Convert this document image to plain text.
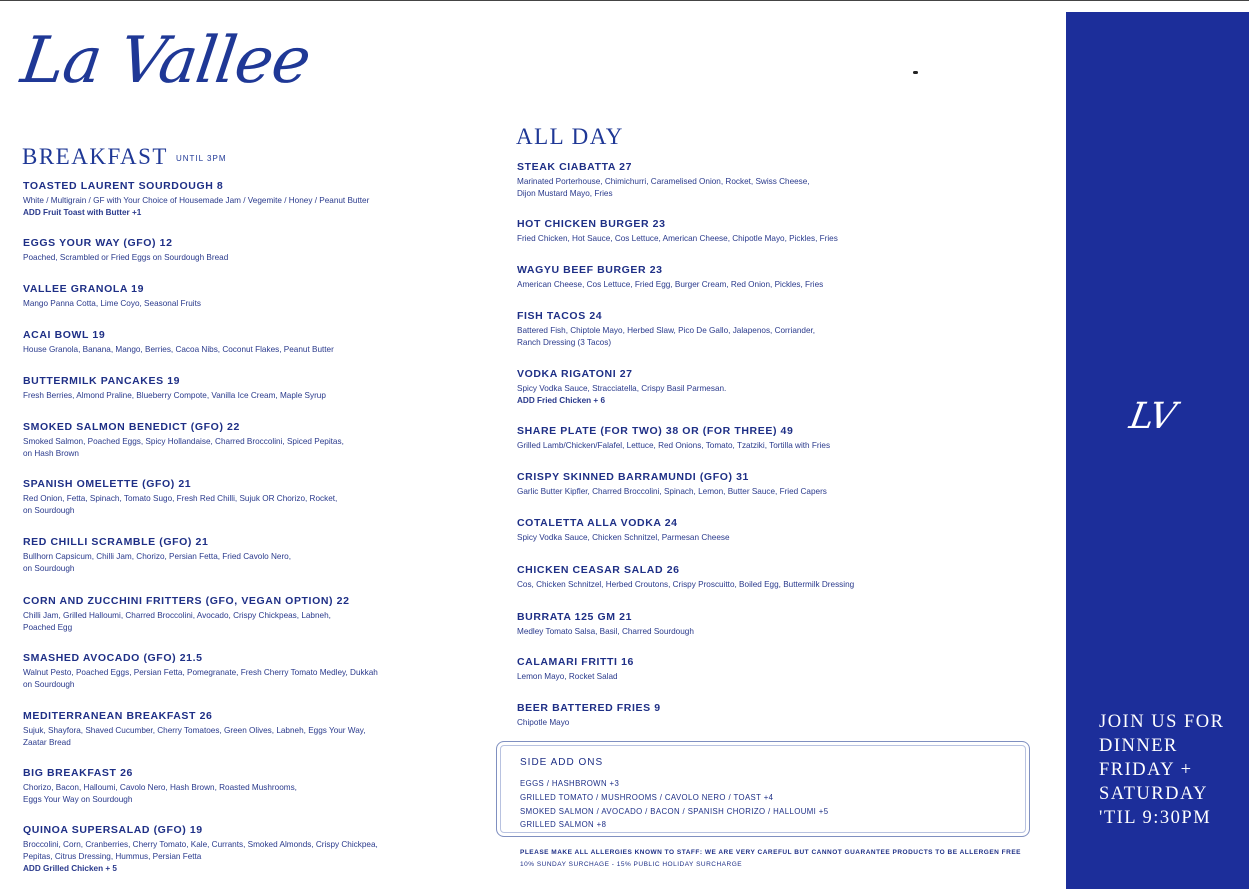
La Vallee
BREAKFAST UNTIL 3PM
ALL DAY
TOASTED LAURENT SOURDOUGH 8
White / Multigrain / GF with Your Choice of Housemade Jam / Vegemite / Honey / Peanut Butter
ADD Fruit Toast with Butter +1
EGGS YOUR WAY (GFO) 12
Poached, Scrambled or Fried Eggs on Sourdough Bread
VALLEE GRANOLA 19
Mango Panna Cotta, Lime Coyo, Seasonal Fruits
ACAI BOWL 19
House Granola, Banana, Mango, Berries, Cacoa Nibs, Coconut Flakes, Peanut Butter
BUTTERMILK PANCAKES 19
Fresh Berries, Almond Praline, Blueberry Compote, Vanilla Ice Cream, Maple Syrup
SMOKED SALMON BENEDICT (GFO) 22
Smoked Salmon, Poached Eggs, Spicy Hollandaise, Charred Broccolini, Spiced Pepitas,
on Hash Brown
SPANISH OMELETTE (GFO) 21
Red Onion, Fetta, Spinach, Tomato Sugo, Fresh Red Chilli, Sujuk OR Chorizo, Rocket,
on Sourdough
RED CHILLI SCRAMBLE (GFO) 21
Bullhorn Capsicum, Chilli Jam, Chorizo, Persian Fetta, Fried Cavolo Nero,
on Sourdough
CORN AND ZUCCHINI FRITTERS (GFO, VEGAN OPTION) 22
Chilli Jam, Grilled Halloumi, Charred Broccolini, Avocado, Crispy Chickpeas, Labneh,
Poached Egg
SMASHED AVOCADO (GFO) 21.5
Walnut Pesto, Poached Eggs, Persian Fetta, Pomegranate, Fresh Cherry Tomato Medley, Dukkah
on Sourdough
MEDITERRANEAN BREAKFAST 26
Sujuk, Shayfora, Shaved Cucumber, Cherry Tomatoes, Green Olives, Labneh, Eggs Your Way,
Zaatar Bread
BIG BREAKFAST 26
Chorizo, Bacon, Halloumi, Cavolo Nero, Hash Brown, Roasted Mushrooms,
Eggs Your Way on Sourdough
QUINOA SUPERSALAD (GFO) 19
Broccolini, Corn, Cranberries, Cherry Tomato, Kale, Currants, Smoked Almonds, Crispy Chickpea,
Pepitas, Citrus Dressing, Hummus, Persian Fetta
ADD Grilled Chicken + 5
STEAK CIABATTA 27
Marinated Porterhouse, Chimichurri, Caramelised Onion, Rocket, Swiss Cheese,
Dijon Mustard Mayo, Fries
HOT CHICKEN BURGER 23
Fried Chicken, Hot Sauce, Cos Lettuce, American Cheese, Chipotle Mayo, Pickles, Fries
WAGYU BEEF BURGER 23
American Cheese, Cos Lettuce, Fried Egg, Burger Cream, Red Onion, Pickles, Fries
FISH TACOS 24
Battered Fish, Chiptole Mayo, Herbed Slaw, Pico De Gallo, Jalapenos, Corriander,
Ranch Dressing (3 Tacos)
VODKA RIGATONI 27
Spicy Vodka Sauce, Stracciatella, Crispy Basil Parmesan.
ADD Fried Chicken + 6
SHARE PLATE (FOR TWO) 38 OR (FOR THREE) 49
Grilled Lamb/Chicken/Falafel, Lettuce, Red Onions, Tomato, Tzatziki, Tortilla with Fries
CRISPY SKINNED BARRAMUNDI (GFO) 31
Garlic Butter Kipfler, Charred Broccolini, Spinach, Lemon, Butter Sauce, Fried Capers
COTALETTA ALLA VODKA 24
Spicy Vodka Sauce, Chicken Schnitzel, Parmesan Cheese
CHICKEN CEASAR SALAD 26
Cos, Chicken Schnitzel, Herbed Croutons, Crispy Proscuitto, Boiled Egg, Buttermilk Dressing
BURRATA 125 GM 21
Medley Tomato Salsa, Basil, Charred Sourdough
CALAMARI FRITTI 16
Lemon Mayo, Rocket Salad
BEER BATTERED FRIES 9
Chipotle Mayo
SIDE ADD ONS
EGGS / HASHBROWN +3
GRILLED TOMATO / MUSHROOMS / CAVOLO NERO / TOAST +4
SMOKED SALMON / AVOCADO / BACON / SPANISH CHORIZO / HALLOUMI +5
GRILLED SALMON +8
PLEASE MAKE ALL ALLERGIES KNOWN TO STAFF: WE ARE VERY CAREFUL BUT CANNOT GUARANTEE PRODUCTS TO BE ALLERGEN FREE
10% SUNDAY SURCHAGE - 15% PUBLIC HOLIDAY SURCHARGE
LV
JOIN US FOR
DINNER
FRIDAY +
SATURDAY
'TIL 9:30PM
